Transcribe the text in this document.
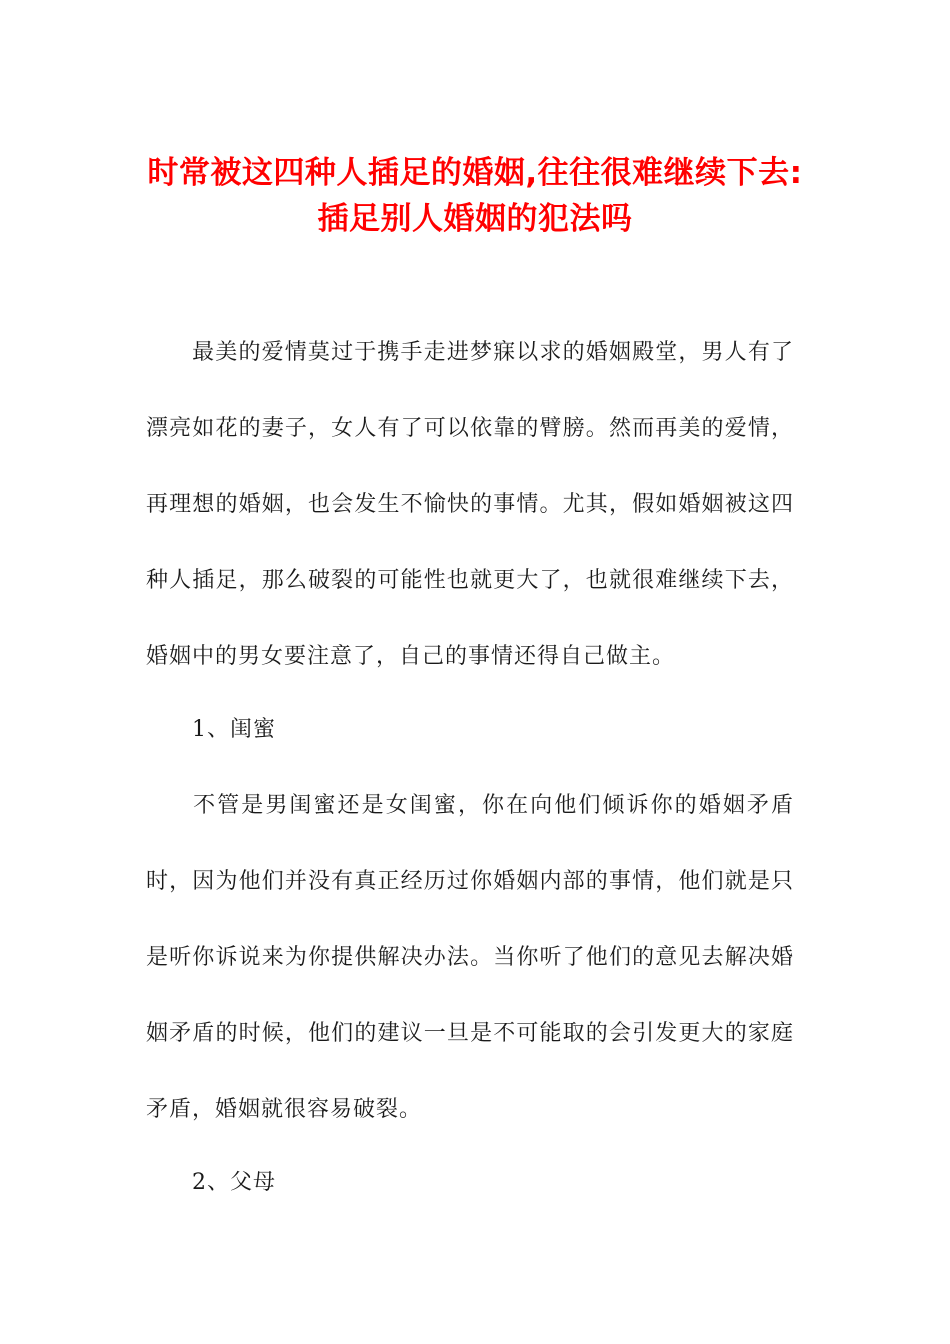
时常被这四种人插足的婚姻,往往很难继续下去:插足别人婚姻的犯法吗

最美的爱情莫过于携手走进梦寐以求的婚姻殿堂，男人有了漂亮如花的妻子，女人有了可以依靠的臂膀。然而再美的爱情，再理想的婚姻，也会发生不愉快的事情。尤其，假如婚姻被这四种人插足，那么破裂的可能性也就更大了，也就很难继续下去，婚姻中的男女要注意了，自己的事情还得自己做主。

1、闺蜜

不管是男闺蜜还是女闺蜜，你在向他们倾诉你的婚姻矛盾时，因为他们并没有真正经历过你婚姻内部的事情，他们就是只是听你诉说来为你提供解决办法。当你听了他们的意见去解决婚姻矛盾的时候，他们的建议一旦是不可能取的会引发更大的家庭矛盾，婚姻就很容易破裂。

2、父母
